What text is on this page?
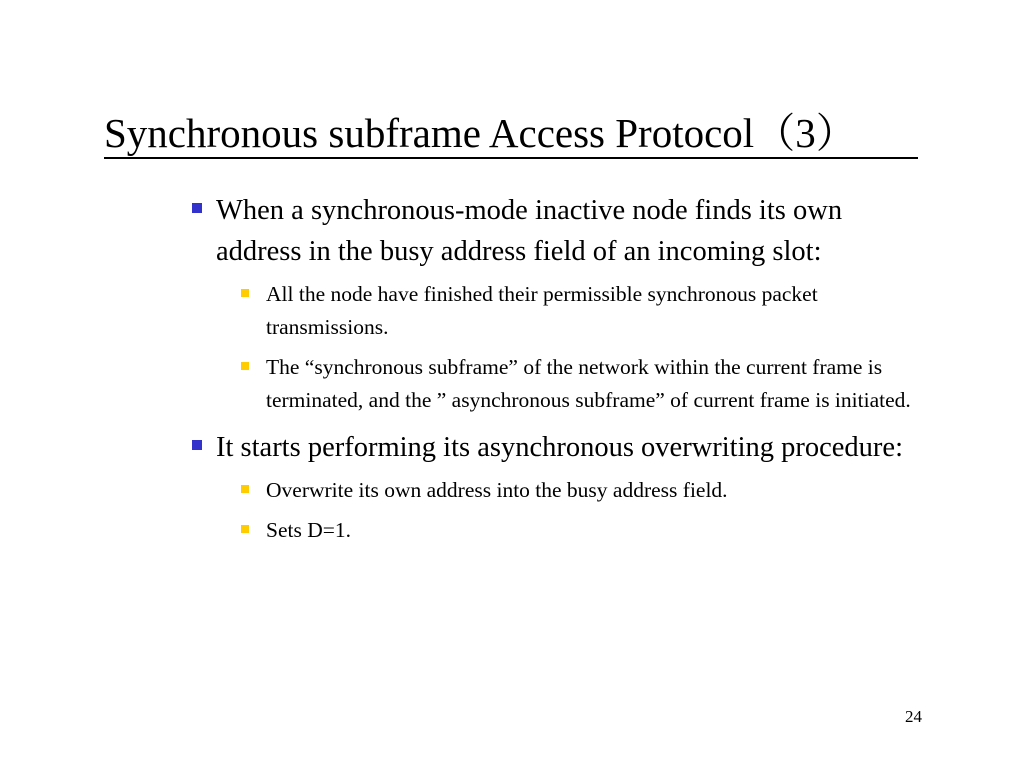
Synchronous subframe Access Protocol（3）
When a synchronous-mode inactive node finds its own address in the busy address field of an incoming slot:
All the node have finished their permissible synchronous packet transmissions.
The “synchronous subframe” of the network within the current frame is terminated, and the ” asynchronous subframe” of current frame is initiated.
It starts performing its asynchronous overwriting procedure:
Overwrite its own address into the busy address field.
Sets D=1.
24
